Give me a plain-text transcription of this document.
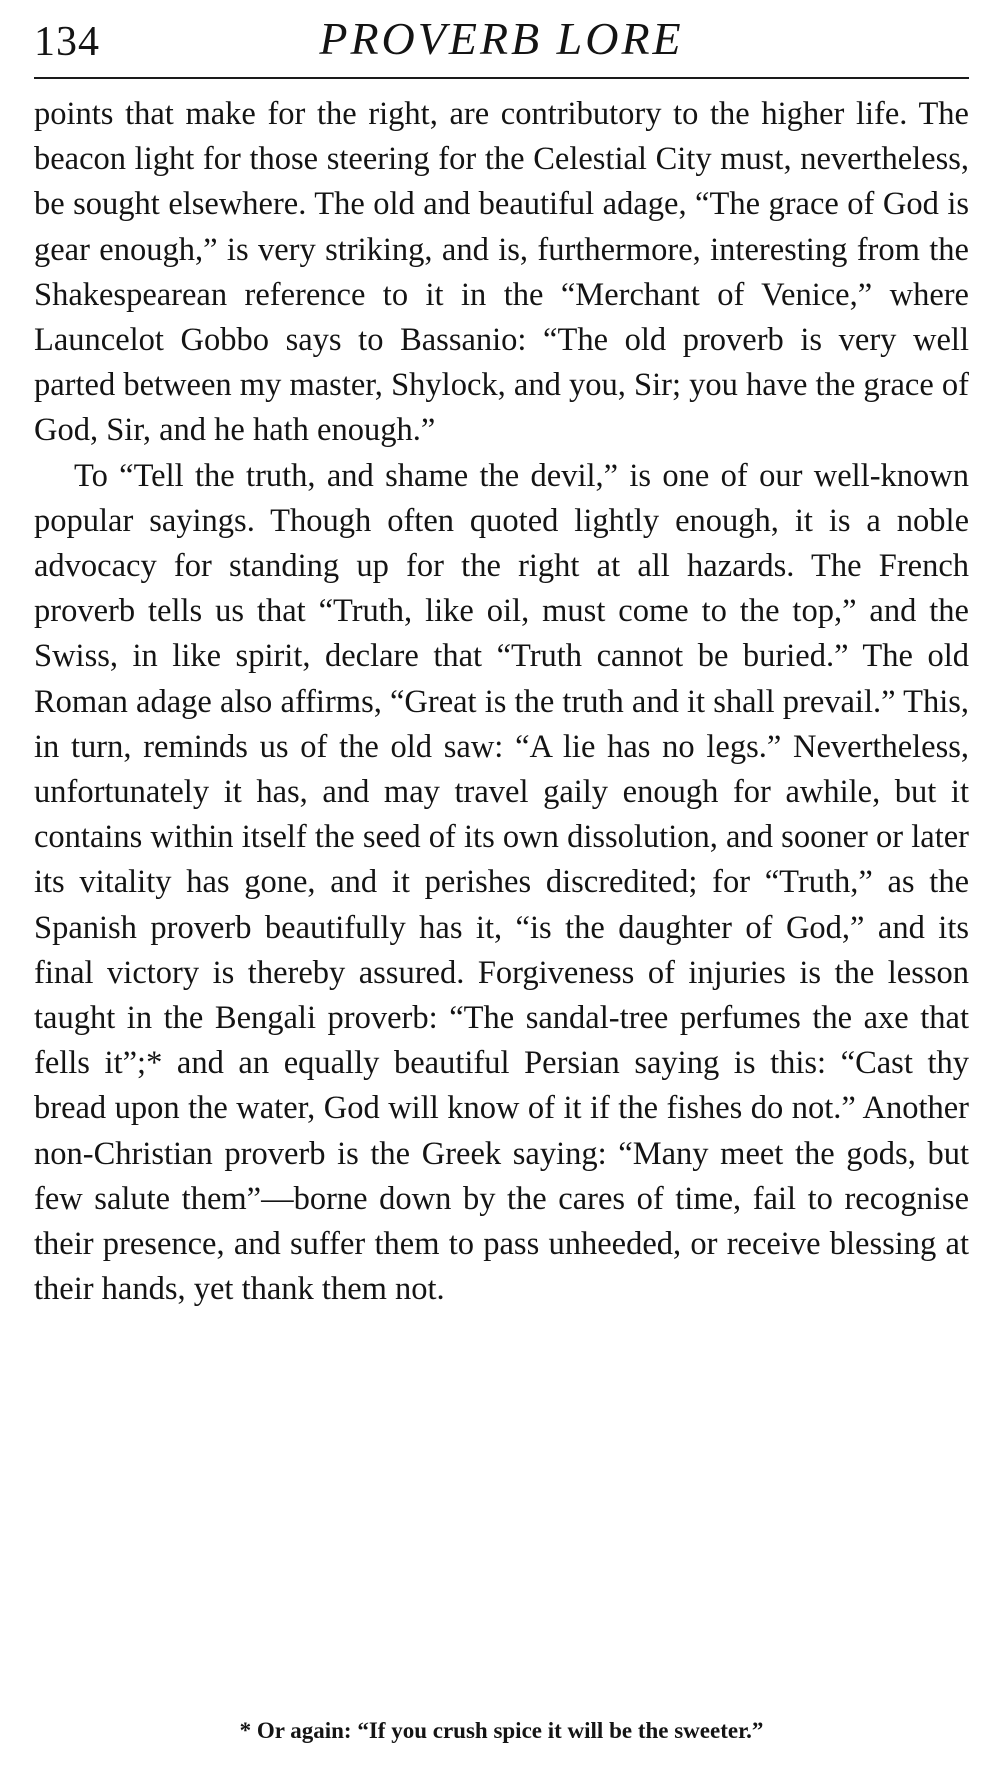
134	PROVERB LORE

points that make for the right, are contributory to the higher life. The beacon light for those steering for the Celestial City must, nevertheless, be sought elsewhere. The old and beautiful adage, “The grace of God is gear enough,” is very striking, and is, furthermore, interesting from the Shakespearean reference to it in the “Merchant of Venice,” where Launcelot Gobbo says to Bassanio: “The old proverb is very well parted between my master, Shylock, and you, Sir; you have the grace of God, Sir, and he hath enough.”

To “Tell the truth, and shame the devil,” is one of our well-known popular sayings. Though often quoted lightly enough, it is a noble advocacy for standing up for the right at all hazards. The French proverb tells us that “Truth, like oil, must come to the top,” and the Swiss, in like spirit, declare that “Truth cannot be buried.” The old Roman adage also affirms, “Great is the truth and it shall prevail.” This, in turn, reminds us of the old saw: “A lie has no legs.” Nevertheless, unfortunately it has, and may travel gaily enough for awhile, but it contains within itself the seed of its own dissolution, and sooner or later its vitality has gone, and it perishes discredited; for “Truth,” as the Spanish proverb beautifully has it, “is the daughter of God,” and its final victory is thereby assured. Forgiveness of injuries is the lesson taught in the Bengali proverb: “The sandal-tree perfumes the axe that fells it”;* and an equally beautiful Persian saying is this: “Cast thy bread upon the water, God will know of it if the fishes do not.” Another non-Christian proverb is the Greek saying: “Many meet the gods, but few salute them”—borne down by the cares of time, fail to recognise their presence, and suffer them to pass unheeded, or receive blessing at their hands, yet thank them not.

* Or again: “If you crush spice it will be the sweeter.”
